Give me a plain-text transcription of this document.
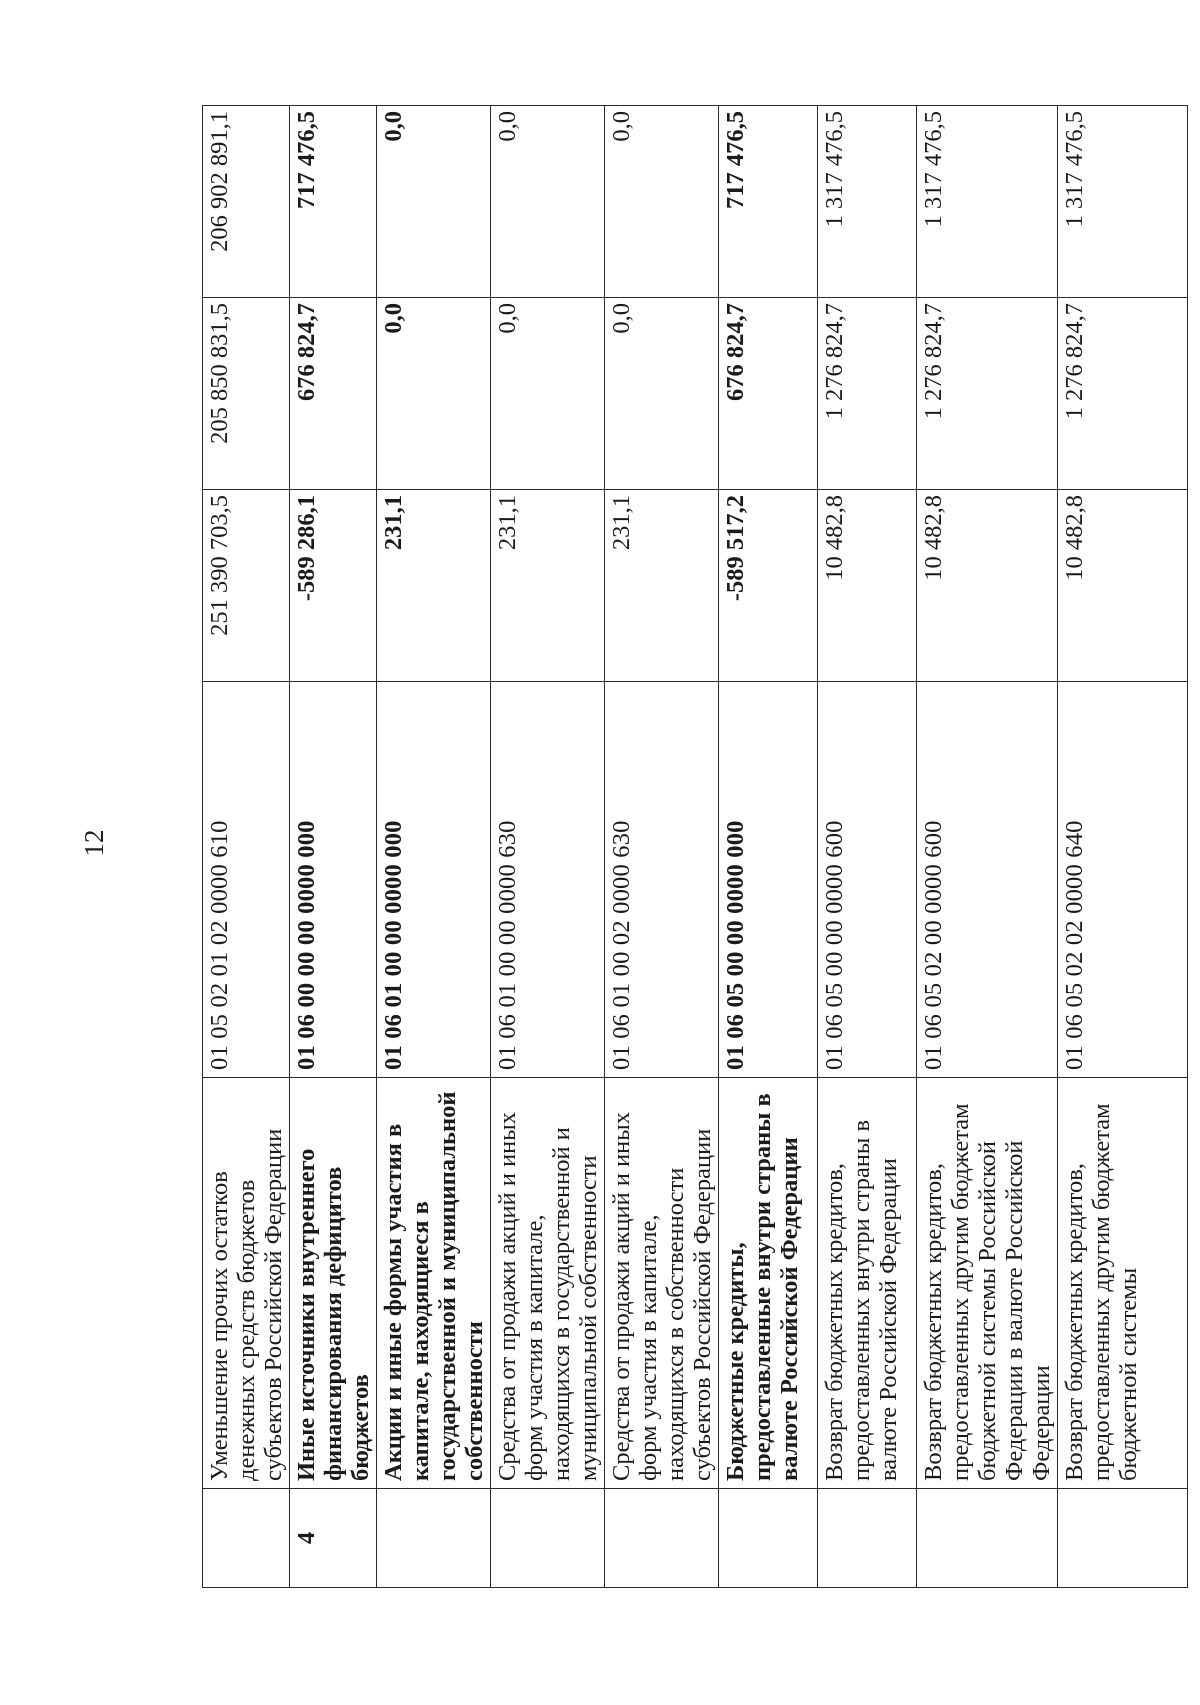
12
	Уменьшение прочих остатков денежных средств бюджетов субъектов Российской Федерации	01 05 02 01 02 0000 610	251 390 703,5	205 850 831,5	206 902 891,1
4	Иные источники внутреннего финансирования дефицитов бюджетов	01 06 00 00 00 0000 000	-589 286,1	676 824,7	717 476,5
	Акции и иные формы участия в капитале, находящиеся в государственной и муниципальной собственности	01 06 01 00 00 0000 000	231,1	0,0	0,0
	Средства от продажи акций и иных форм участия в капитале, находящихся в государственной и муниципальной собственности	01 06 01 00 00 0000 630	231,1	0,0	0,0
	Средства от продажи акций и иных форм участия в капитале, находящихся в собственности субъектов Российской Федерации	01 06 01 00 02 0000 630	231,1	0,0	0,0
	Бюджетные кредиты, предоставленные внутри страны в валюте Российской Федерации	01 06 05 00 00 0000 000	-589 517,2	676 824,7	717 476,5
	Возврат бюджетных кредитов, предоставленных внутри страны в валюте Российской Федерации	01 06 05 00 00 0000 600	10 482,8	1 276 824,7	1 317 476,5
	Возврат бюджетных кредитов, предоставленных другим бюджетам бюджетной системы Российской Федерации в валюте Российской Федерации	01 06 05 02 00 0000 600	10 482,8	1 276 824,7	1 317 476,5
	Возврат бюджетных кредитов, предоставленных другим бюджетам бюджетной системы	01 06 05 02 02 0000 640	10 482,8	1 276 824,7	1 317 476,5
